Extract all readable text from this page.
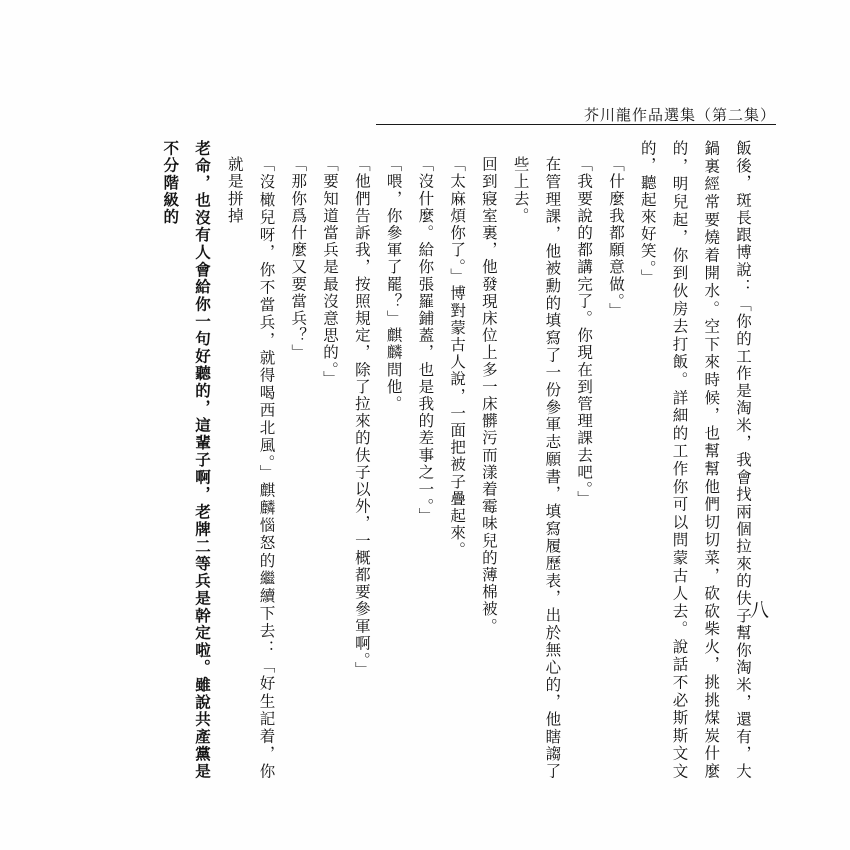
芥川龍作品選集（第二集）
八

飯後，斑長跟博說：「你的工作是淘米，我會找兩個拉來的伕子幫你淘米，還有，大鍋裏經常要燒着開水。空下來時候，也幫幫他們切切菜，砍砍柴火，挑挑煤炭什麼的，明兒起，你到伙房去打飯。詳細的工作你可以問蒙古人去。說話不必斯斯文文的，聽起來好笑。」

「什麼我都願意做。」

「我要說的都講完了。你現在到管理課去吧。」

在管理課，他被勳的填寫了一份參軍志願書，填寫履歷表，出於無心的，他瞎謅了些上去。

回到寢室裏，他發現床位上多一床髒污而漾着霉味兒的薄棉被。

「太麻煩你了。」博對蒙古人說，一面把被子疊起來。

「沒什麼。給你張羅鋪蓋，也是我的差事之一。」

「喂，你參軍了罷？」麒麟問他。

「他們告訴我，按照規定，除了拉來的伕子以外，一概都要參軍啊。」

「要知道當兵是最沒意思的。」

「那你爲什麼又要當兵？」

「沒橄兒呀，你不當兵，就得喝西北風。」麒麟惱怒的繼續下去：「好生記着，你就是拼掉

老命，也沒有人會給你一句好聽的，這輩子啊，老牌二等兵是幹定啦。雖說共產黨是不分階級的
